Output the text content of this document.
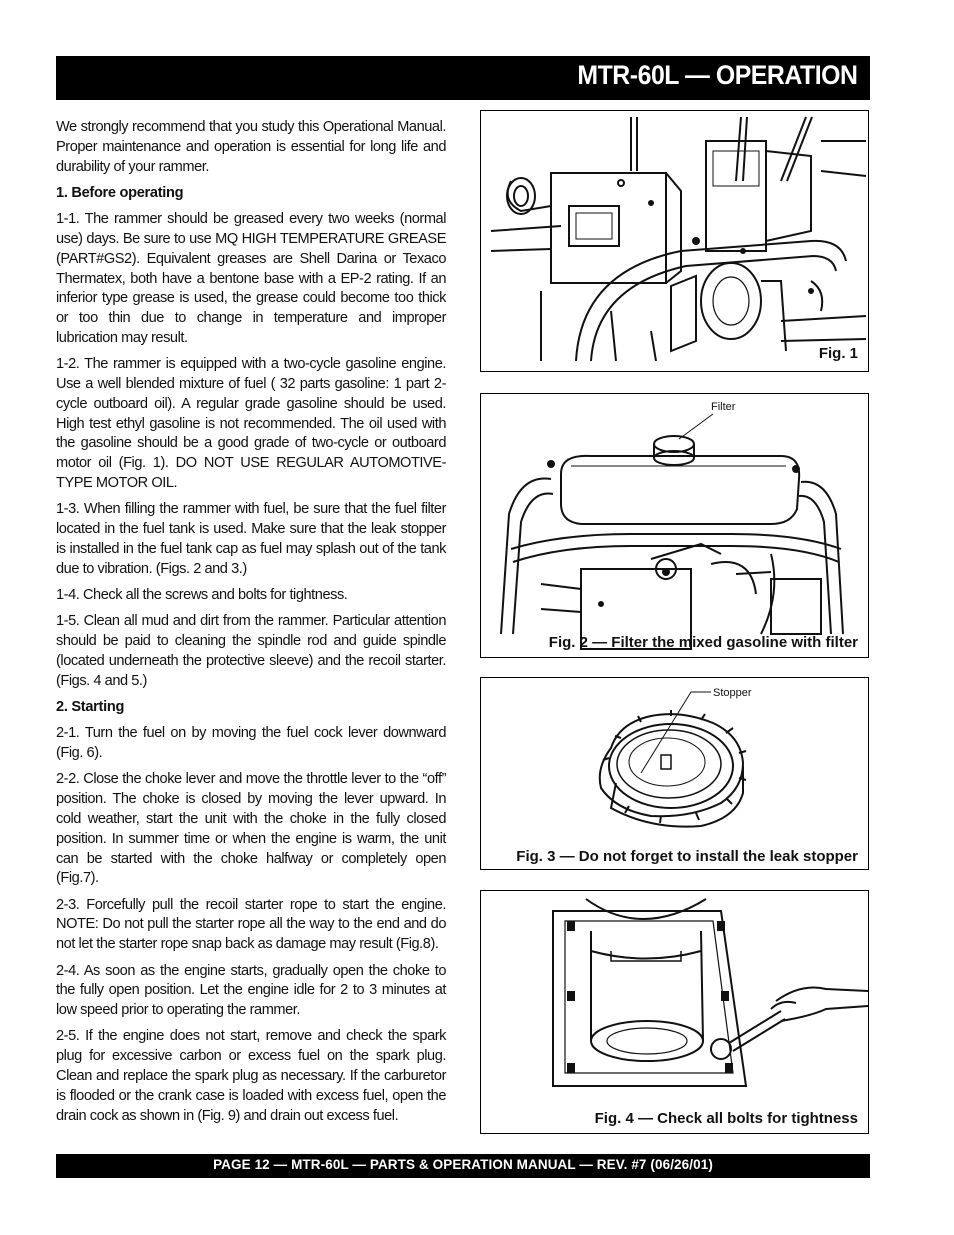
MTR-60L — OPERATION

We strongly recommend that you study this Operational Manual. Proper maintenance and operation is essential for long life and durability of your rammer.

1. Before operating

1-1. The rammer should be greased every two weeks (normal use) days. Be sure to use MQ HIGH TEMPERATURE GREASE (PART#GS2). Equivalent greases are Shell Darina or Texaco Thermatex, both have a bentone base with a EP-2 rating. If an inferior type grease is used, the grease could become too thick or too thin due to change in temperature and improper lubrication may result.

1-2. The rammer is equipped with a two-cycle gasoline engine. Use a well blended mixture of fuel ( 32 parts gasoline: 1 part 2-cycle outboard oil). A regular grade gasoline should be used. High test ethyl gasoline is not recommended. The oil used with the gasoline should be a good grade of two-cycle or outboard motor oil (Fig. 1). DO NOT USE REGULAR AUTOMOTIVE-TYPE MOTOR OIL.

1-3. When filling the rammer with fuel, be sure that the fuel filter located in the fuel tank is used. Make sure that the leak stopper is installed in the fuel tank cap as fuel may splash out of the tank due to vibration. (Figs. 2 and 3.)

1-4. Check all the screws and bolts for tightness.

1-5. Clean all mud and dirt from the rammer. Particular attention should be paid to cleaning the spindle rod and guide spindle (located underneath the protective sleeve) and the recoil starter. (Figs. 4 and 5.)

2. Starting

2-1. Turn the fuel on by moving the fuel cock lever downward (Fig. 6).

2-2. Close the choke lever and move the throttle lever to the “off” position. The choke is closed by moving the lever upward. In cold weather, start the unit with the choke in the fully closed position. In summer time or when the engine is warm, the unit can be started with the choke halfway or completely open (Fig.7).

2-3. Forcefully pull the recoil starter rope to start the engine. NOTE: Do not pull the starter rope all the way to the end and do not let the starter rope snap back as damage may result (Fig.8).

2-4. As soon as the engine starts, gradually open the choke to the fully open position. Let the engine idle for 2 to 3 minutes at low speed prior to operating the rammer.

2-5. If the engine does not start, remove and check the spark plug for excessive carbon or excess fuel on the spark plug. Clean and replace the spark plug as necessary. If the carburetor is flooded or the crank case is loaded with excess fuel, open the drain cock as shown in (Fig. 9) and drain out excess fuel.

Fig. 1
Filter
Fig. 2 — Filter the mixed gasoline with filter
Stopper
Fig. 3 — Do not forget to install the leak stopper
Fig. 4 — Check all bolts for tightness
PAGE 12 — MTR-60L — PARTS & OPERATION MANUAL — REV. #7 (06/26/01)
